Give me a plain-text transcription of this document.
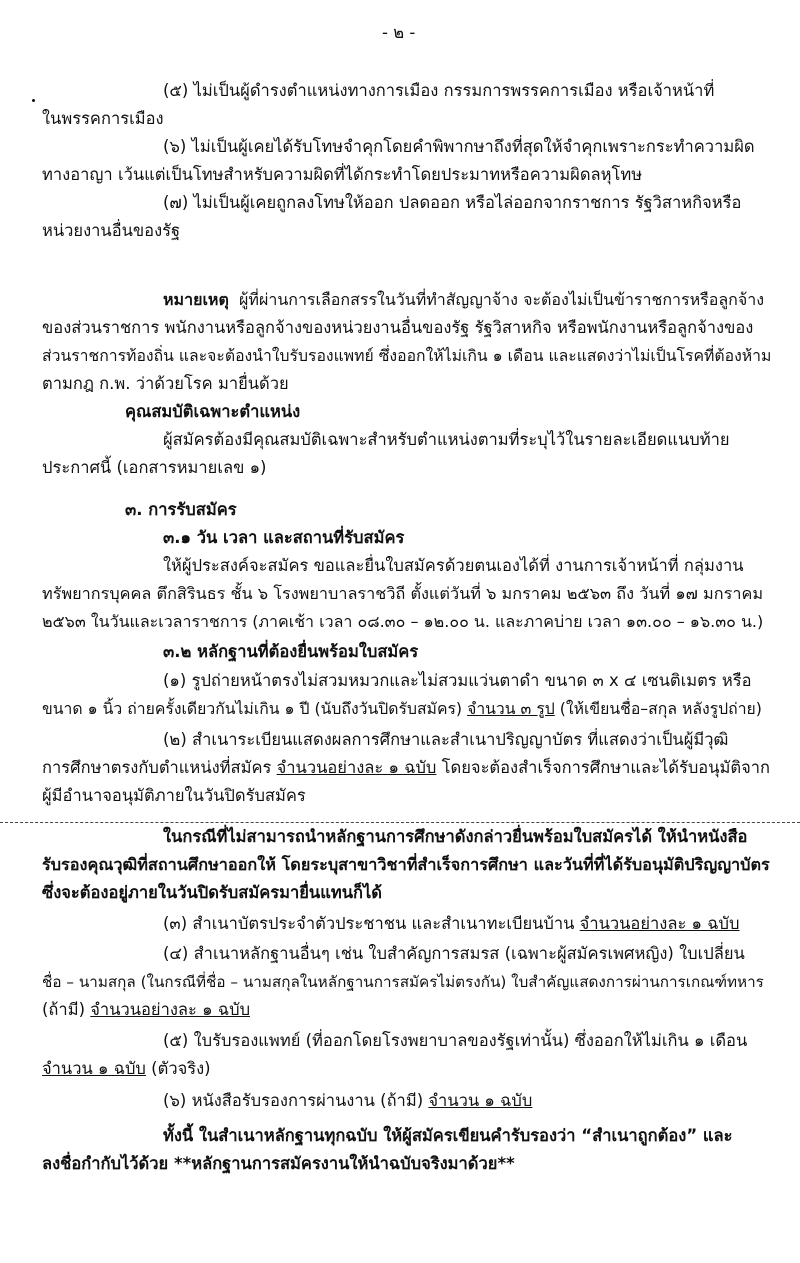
- ๒ -
(๕) ไม่เป็นผู้ดำรงตำแหน่งทางการเมือง กรรมการพรรคการเมือง หรือเจ้าหน้าที่
ในพรรคการเมือง
(๖) ไม่เป็นผู้เคยได้รับโทษจำคุกโดยคำพิพากษาถึงที่สุดให้จำคุกเพราะกระทำความผิด
ทางอาญา เว้นแต่เป็นโทษสำหรับความผิดที่ได้กระทำโดยประมาทหรือความผิดลหุโทษ
(๗) ไม่เป็นผู้เคยถูกลงโทษให้ออก ปลดออก หรือไล่ออกจากราชการ รัฐวิสาหกิจหรือ
หน่วยงานอื่นของรัฐ
หมายเหตุ ผู้ที่ผ่านการเลือกสรรในวันที่ทำสัญญาจ้าง จะต้องไม่เป็นข้าราชการหรือลูกจ้าง
ของส่วนราชการ พนักงานหรือลูกจ้างของหน่วยงานอื่นของรัฐ รัฐวิสาหกิจ หรือพนักงานหรือลูกจ้างของ
ส่วนราชการท้องถิ่น และจะต้องนำใบรับรองแพทย์ ซึ่งออกให้ไม่เกิน ๑ เดือน และแสดงว่าไม่เป็นโรคที่ต้องห้าม
ตามกฎ ก.พ. ว่าด้วยโรค มายื่นด้วย
คุณสมบัติเฉพาะตำแหน่ง
ผู้สมัครต้องมีคุณสมบัติเฉพาะสำหรับตำแหน่งตามที่ระบุไว้ในรายละเอียดแนบท้าย
ประกาศนี้ (เอกสารหมายเลข ๑)
๓. การรับสมัคร
๓.๑ วัน เวลา และสถานที่รับสมัคร
ให้ผู้ประสงค์จะสมัคร ขอและยื่นใบสมัครด้วยตนเองได้ที่ งานการเจ้าหน้าที่ กลุ่มงาน
ทรัพยากรบุคคล ตึกสิรินธร ชั้น ๖ โรงพยาบาลราชวิถี ตั้งแต่วันที่ ๖ มกราคม ๒๕๖๓ ถึง วันที่ ๑๗ มกราคม
๒๕๖๓ ในวันและเวลาราชการ (ภาคเช้า เวลา ๐๘.๓๐ – ๑๒.๐๐ น. และภาคบ่าย เวลา ๑๓.๐๐ – ๑๖.๓๐ น.)
๓.๒ หลักฐานที่ต้องยื่นพร้อมใบสมัคร
(๑) รูปถ่ายหน้าตรงไม่สวมหมวกและไม่สวมแว่นตาดำ ขนาด ๓ x ๔ เซนติเมตร หรือ
ขนาด ๑ นิ้ว ถ่ายครั้งเดียวกันไม่เกิน ๑ ปี (นับถึงวันปิดรับสมัคร) จำนวน ๓ รูป (ให้เขียนชื่อ–สกุล หลังรูปถ่าย)
(๒) สำเนาระเบียนแสดงผลการศึกษาและสำเนาปริญญาบัตร ที่แสดงว่าเป็นผู้มีวุฒิ
การศึกษาตรงกับตำแหน่งที่สมัคร จำนวนอย่างละ ๑ ฉบับ โดยจะต้องสำเร็จการศึกษาและได้รับอนุมัติจาก
ผู้มีอำนาจอนุมัติภายในวันปิดรับสมัคร
ในกรณีที่ไม่สามารถนำหลักฐานการศึกษาดังกล่าวยื่นพร้อมใบสมัครได้ ให้นำหนังสือ
รับรองคุณวุฒิที่สถานศึกษาออกให้ โดยระบุสาขาวิชาที่สำเร็จการศึกษา และวันที่ที่ได้รับอนุมัติปริญญาบัตร
ซึ่งจะต้องอยู่ภายในวันปิดรับสมัครมายื่นแทนก็ได้
(๓) สำเนาบัตรประจำตัวประชาชน และสำเนาทะเบียนบ้าน จำนวนอย่างละ ๑ ฉบับ
(๔) สำเนาหลักฐานอื่นๆ เช่น ใบสำคัญการสมรส (เฉพาะผู้สมัครเพศหญิง) ใบเปลี่ยน
ชื่อ – นามสกุล (ในกรณีที่ชื่อ – นามสกุลในหลักฐานการสมัครไม่ตรงกัน) ใบสำคัญแสดงการผ่านการเกณฑ์ทหาร
(ถ้ามี) จำนวนอย่างละ ๑ ฉบับ
(๕) ใบรับรองแพทย์ (ที่ออกโดยโรงพยาบาลของรัฐเท่านั้น) ซึ่งออกให้ไม่เกิน ๑ เดือน
จำนวน ๑ ฉบับ (ตัวจริง)
(๖) หนังสือรับรองการผ่านงาน (ถ้ามี) จำนวน ๑ ฉบับ
ทั้งนี้ ในสำเนาหลักฐานทุกฉบับ ให้ผู้สมัครเขียนคำรับรองว่า “สำเนาถูกต้อง” และ
ลงชื่อกำกับไว้ด้วย **หลักฐานการสมัครงานให้นำฉบับจริงมาด้วย**
